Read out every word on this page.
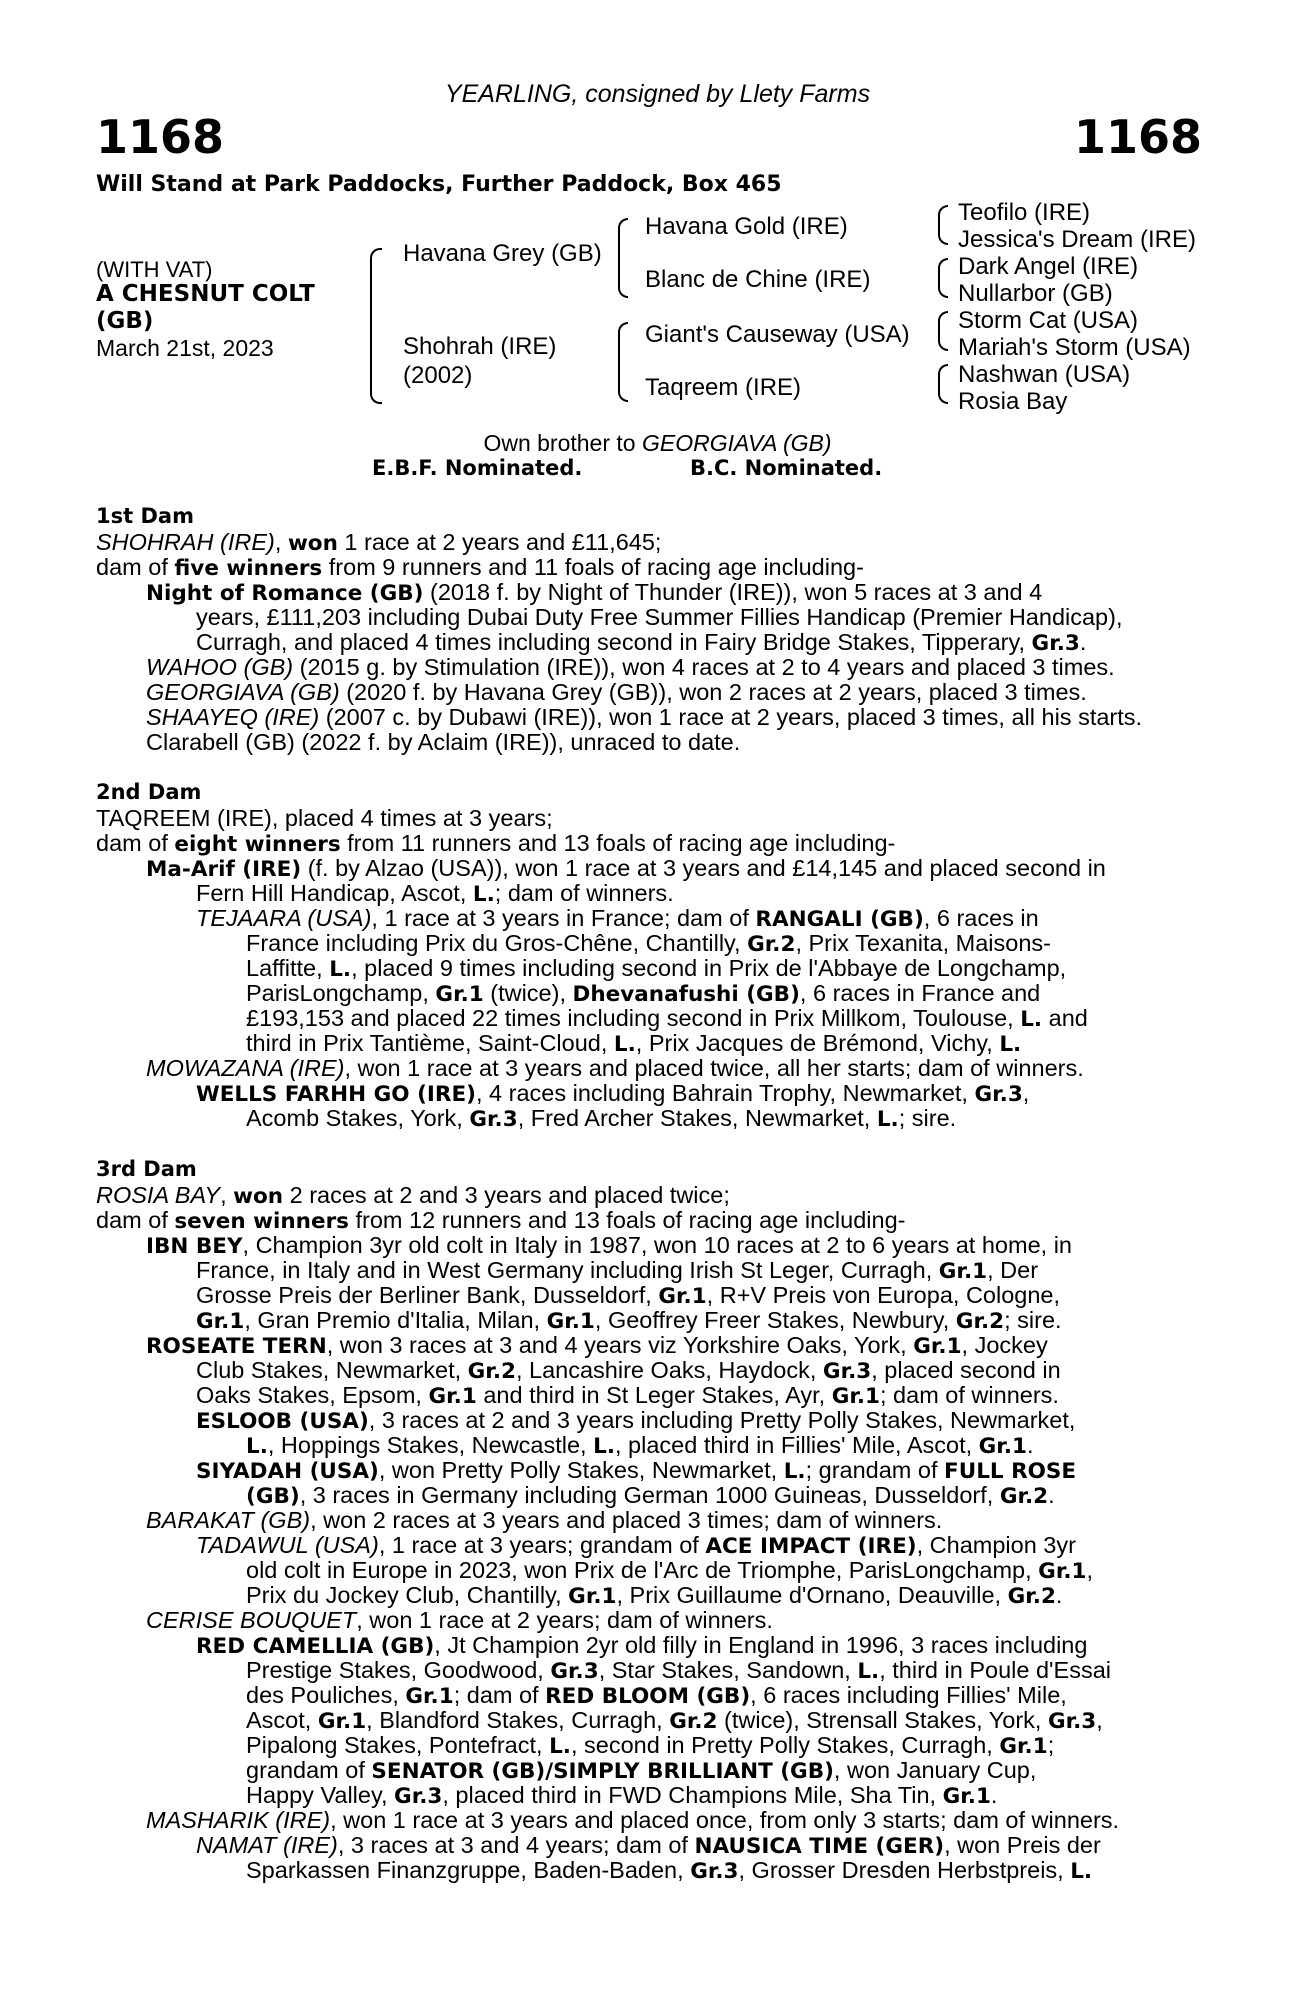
YEARLING, consigned by Llety Farms
1168	1168
Will Stand at Park Paddocks, Further Paddock, Box 465
(WITH VAT)
A CHESNUT COLT
(GB)
March 21st, 2023
Havana Grey (GB)
Shohrah (IRE)
(2002)
Havana Gold (IRE)
Blanc de Chine (IRE)
Giant's Causeway (USA)
Taqreem (IRE)
Teofilo (IRE)
Jessica's Dream (IRE)
Dark Angel (IRE)
Nullarbor (GB)
Storm Cat (USA)
Mariah's Storm (USA)
Nashwan (USA)
Rosia Bay
Own brother to GEORGIAVA (GB)
E.B.F. Nominated.	B.C. Nominated.
1st Dam
SHOHRAH (IRE), won 1 race at 2 years and £11,645;
dam of five winners from 9 runners and 11 foals of racing age including-
Night of Romance (GB) (2018 f. by Night of Thunder (IRE)), won 5 races at 3 and 4
years, £111,203 including Dubai Duty Free Summer Fillies Handicap (Premier Handicap),
Curragh, and placed 4 times including second in Fairy Bridge Stakes, Tipperary, Gr.3.
WAHOO (GB) (2015 g. by Stimulation (IRE)), won 4 races at 2 to 4 years and placed 3 times.
GEORGIAVA (GB) (2020 f. by Havana Grey (GB)), won 2 races at 2 years, placed 3 times.
SHAAYEQ (IRE) (2007 c. by Dubawi (IRE)), won 1 race at 2 years, placed 3 times, all his starts.
Clarabell (GB) (2022 f. by Aclaim (IRE)), unraced to date.
2nd Dam
TAQREEM (IRE), placed 4 times at 3 years;
dam of eight winners from 11 runners and 13 foals of racing age including-
Ma-Arif (IRE) (f. by Alzao (USA)), won 1 race at 3 years and £14,145 and placed second in
Fern Hill Handicap, Ascot, L.; dam of winners.
TEJAARA (USA), 1 race at 3 years in France; dam of RANGALI (GB), 6 races in
France including Prix du Gros-Chêne, Chantilly, Gr.2, Prix Texanita, Maisons-
Laffitte, L., placed 9 times including second in Prix de l'Abbaye de Longchamp,
ParisLongchamp, Gr.1 (twice), Dhevanafushi (GB), 6 races in France and
£193,153 and placed 22 times including second in Prix Millkom, Toulouse, L. and
third in Prix Tantième, Saint-Cloud, L., Prix Jacques de Brémond, Vichy, L.
MOWAZANA (IRE), won 1 race at 3 years and placed twice, all her starts; dam of winners.
WELLS FARHH GO (IRE), 4 races including Bahrain Trophy, Newmarket, Gr.3,
Acomb Stakes, York, Gr.3, Fred Archer Stakes, Newmarket, L.; sire.
3rd Dam
ROSIA BAY, won 2 races at 2 and 3 years and placed twice;
dam of seven winners from 12 runners and 13 foals of racing age including-
IBN BEY, Champion 3yr old colt in Italy in 1987, won 10 races at 2 to 6 years at home, in
France, in Italy and in West Germany including Irish St Leger, Curragh, Gr.1, Der
Grosse Preis der Berliner Bank, Dusseldorf, Gr.1, R+V Preis von Europa, Cologne,
Gr.1, Gran Premio d'Italia, Milan, Gr.1, Geoffrey Freer Stakes, Newbury, Gr.2; sire.
ROSEATE TERN, won 3 races at 3 and 4 years viz Yorkshire Oaks, York, Gr.1, Jockey
Club Stakes, Newmarket, Gr.2, Lancashire Oaks, Haydock, Gr.3, placed second in
Oaks Stakes, Epsom, Gr.1 and third in St Leger Stakes, Ayr, Gr.1; dam of winners.
ESLOOB (USA), 3 races at 2 and 3 years including Pretty Polly Stakes, Newmarket,
L., Hoppings Stakes, Newcastle, L., placed third in Fillies' Mile, Ascot, Gr.1.
SIYADAH (USA), won Pretty Polly Stakes, Newmarket, L.; grandam of FULL ROSE
(GB), 3 races in Germany including German 1000 Guineas, Dusseldorf, Gr.2.
BARAKAT (GB), won 2 races at 3 years and placed 3 times; dam of winners.
TADAWUL (USA), 1 race at 3 years; grandam of ACE IMPACT (IRE), Champion 3yr
old colt in Europe in 2023, won Prix de l'Arc de Triomphe, ParisLongchamp, Gr.1,
Prix du Jockey Club, Chantilly, Gr.1, Prix Guillaume d'Ornano, Deauville, Gr.2.
CERISE BOUQUET, won 1 race at 2 years; dam of winners.
RED CAMELLIA (GB), Jt Champion 2yr old filly in England in 1996, 3 races including
Prestige Stakes, Goodwood, Gr.3, Star Stakes, Sandown, L., third in Poule d'Essai
des Pouliches, Gr.1; dam of RED BLOOM (GB), 6 races including Fillies' Mile,
Ascot, Gr.1, Blandford Stakes, Curragh, Gr.2 (twice), Strensall Stakes, York, Gr.3,
Pipalong Stakes, Pontefract, L., second in Pretty Polly Stakes, Curragh, Gr.1;
grandam of SENATOR (GB)/SIMPLY BRILLIANT (GB), won January Cup,
Happy Valley, Gr.3, placed third in FWD Champions Mile, Sha Tin, Gr.1.
MASHARIK (IRE), won 1 race at 3 years and placed once, from only 3 starts; dam of winners.
NAMAT (IRE), 3 races at 3 and 4 years; dam of NAUSICA TIME (GER), won Preis der
Sparkassen Finanzgruppe, Baden-Baden, Gr.3, Grosser Dresden Herbstpreis, L.
